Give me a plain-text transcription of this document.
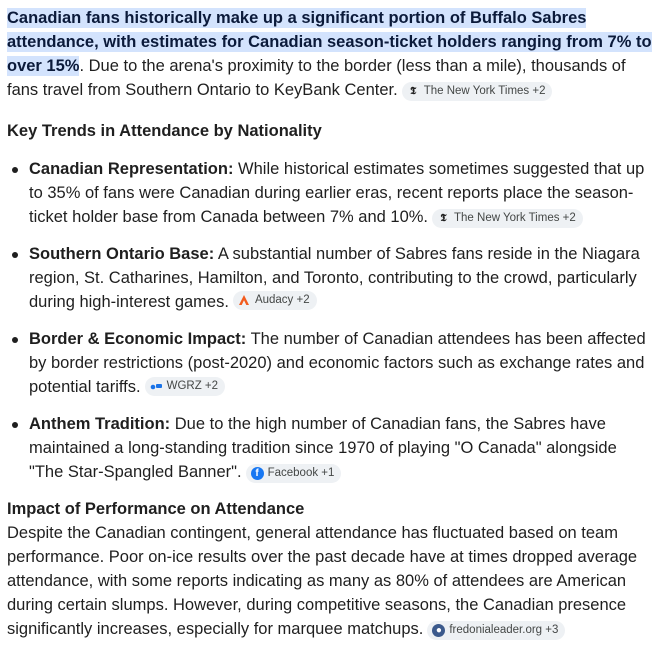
Canadian fans historically make up a significant portion of Buffalo Sabres attendance, with estimates for Canadian season-ticket holders ranging from 7% to over 15%. Due to the arena's proximity to the border (less than a mile), thousands of fans travel from Southern Ontario to KeyBank Center.	𝕿 The New York Times +2

Key Trends in Attendance by Nationality
Canadian Representation: While historical estimates sometimes suggested that up to 35% of fans were Canadian during earlier eras, recent reports place the season-ticket holder base from Canada between 7% and 10%.	𝕿 The New York Times +2
Southern Ontario Base: A substantial number of Sabres fans reside in the Niagara region, St. Catharines, Hamilton, and Toronto, contributing to the crowd, particularly during high-interest games. Audacy +2
Border & Economic Impact: The number of Canadian attendees has been affected by border restrictions (post-2020) and economic factors such as exchange rates and potential tariffs. WGRZ +2
Anthem Tradition: Due to the high number of Canadian fans, the Sabres have maintained a long-standing tradition since 1970 of playing "O Canada" alongside "The Star-Spangled Banner".	f Facebook +1
Impact of Performance on Attendance

Despite the Canadian contingent, general attendance has fluctuated based on team performance. Poor on-ice results over the past decade have at times dropped average attendance, with some reports indicating as many as 80% of attendees are American during certain slumps. However, during competitive seasons, the Canadian presence significantly increases, especially for marquee matchups.	● fredonialeader.org +3
